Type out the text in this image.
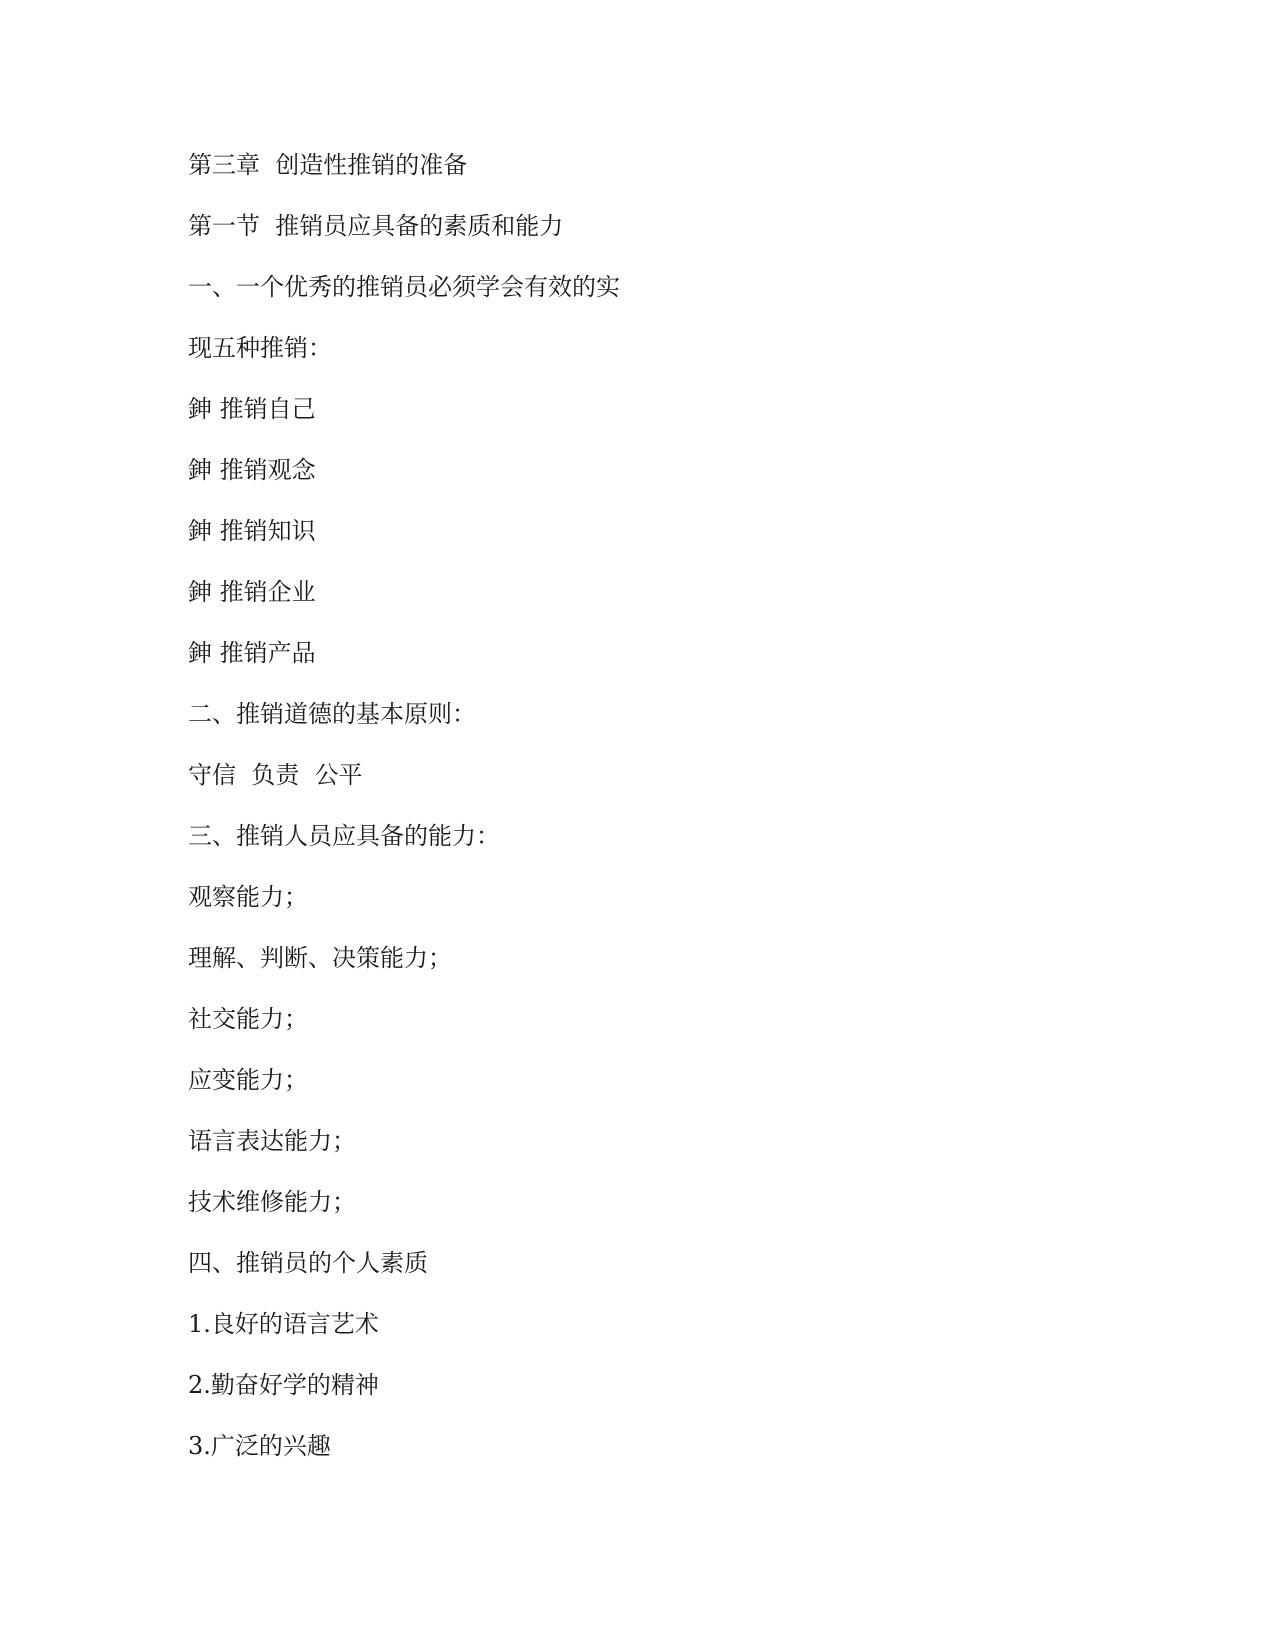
第三章  创造性推销的准备
第一节  推销员应具备的素质和能力
一、一个优秀的推销员必须学会有效的实
现五种推销：
鉮 推销自己
鉮 推销观念
鉮 推销知识
鉮 推销企业
鉮 推销产品
二、推销道德的基本原则：
守信  负责  公平
三、推销人员应具备的能力：
观察能力；
理解、判断、决策能力；
社交能力；
应变能力；
语言表达能力；
技术维修能力；
四、推销员的个人素质
1.良好的语言艺术
2.勤奋好学的精神
3.广泛的兴趣
